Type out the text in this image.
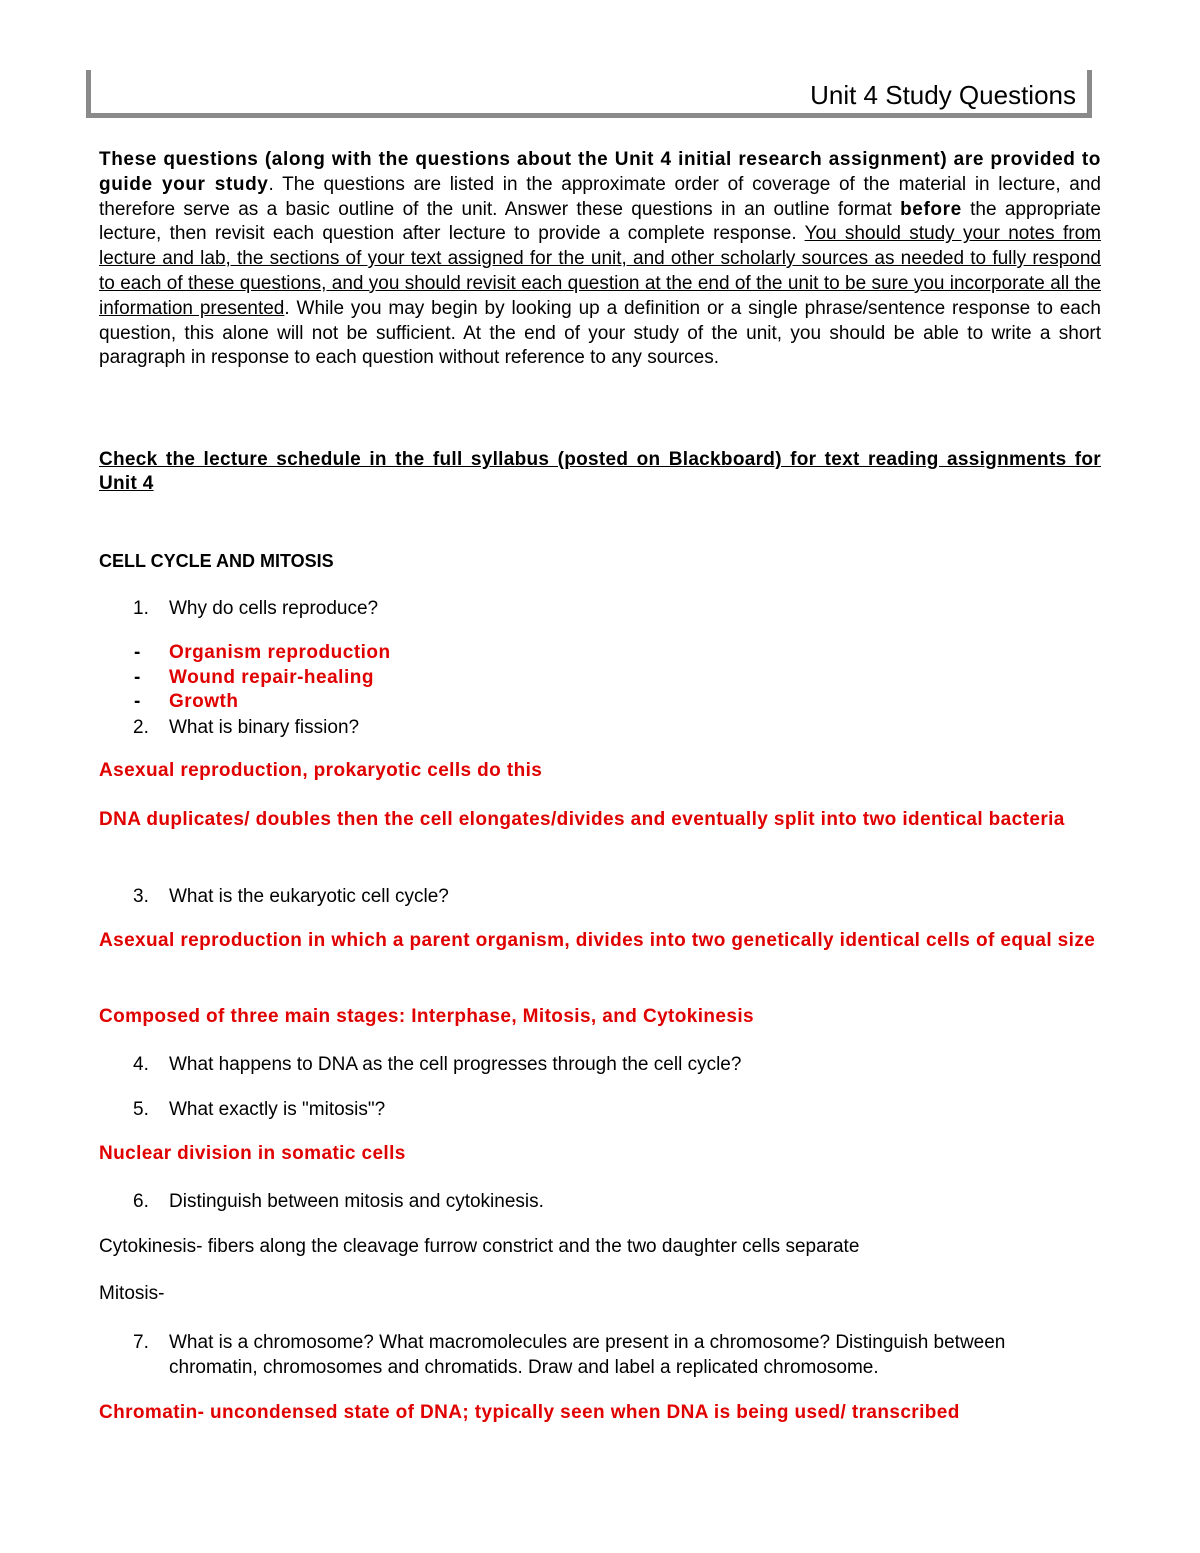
Unit 4 Study Questions
These questions (along with the questions about the Unit 4 initial research assignment) are provided to guide your study. The questions are listed in the approximate order of coverage of the material in lecture, and therefore serve as a basic outline of the unit. Answer these questions in an outline format before the appropriate lecture, then revisit each question after lecture to provide a complete response. You should study your notes from lecture and lab, the sections of your text assigned for the unit, and other scholarly sources as needed to fully respond to each of these questions, and you should revisit each question at the end of the unit to be sure you incorporate all the information presented. While you may begin by looking up a definition or a single phrase/sentence response to each question, this alone will not be sufficient. At the end of your study of the unit, you should be able to write a short paragraph in response to each question without reference to any sources.
Check the lecture schedule in the full syllabus (posted on Blackboard) for text reading assignments for Unit 4
CELL CYCLE AND MITOSIS
1. Why do cells reproduce?
- Organism reproduction
- Wound repair-healing
- Growth
2. What is binary fission?
Asexual reproduction, prokaryotic cells do this
DNA duplicates/ doubles then the cell elongates/divides and eventually split into two identical bacteria
3. What is the eukaryotic cell cycle?
Asexual reproduction in which a parent organism, divides into two genetically identical cells of equal size
Composed of three main stages: Interphase, Mitosis, and Cytokinesis
4. What happens to DNA as the cell progresses through the cell cycle?
5. What exactly is "mitosis"?
Nuclear division in somatic cells
6. Distinguish between mitosis and cytokinesis.
Cytokinesis- fibers along the cleavage furrow constrict and the two daughter cells separate
Mitosis-
7. What is a chromosome? What macromolecules are present in a chromosome? Distinguish between chromatin, chromosomes and chromatids. Draw and label a replicated chromosome.
Chromatin- uncondensed state of DNA; typically seen when DNA is being used/ transcribed
